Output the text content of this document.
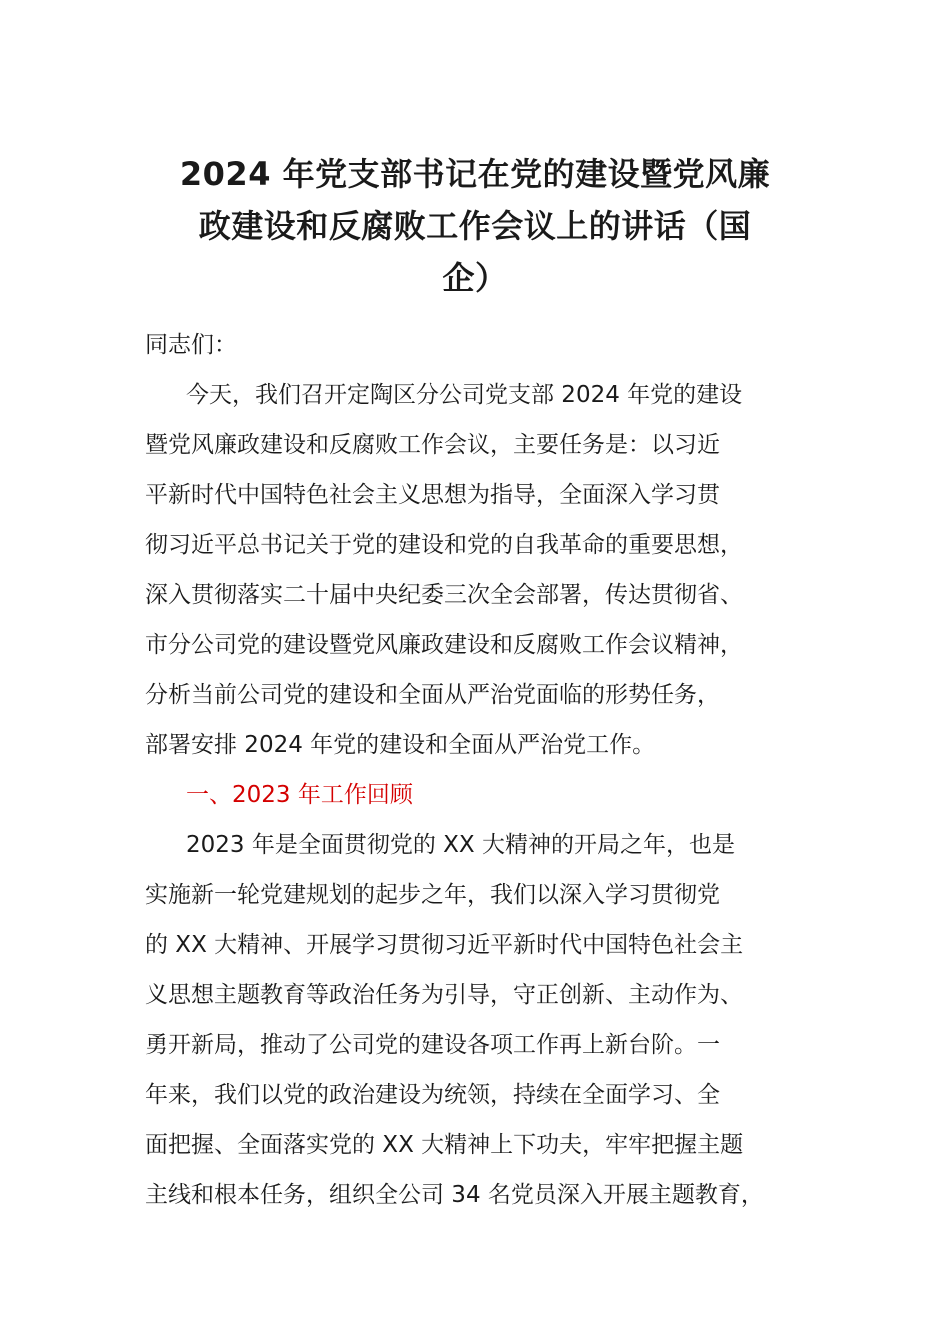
2024 年党支部书记在党的建设暨党风廉
政建设和反腐败工作会议上的讲话（国
企）
同志们：
今天，我们召开定陶区分公司党支部 2024 年党的建设
暨党风廉政建设和反腐败工作会议，主要任务是：以习近
平新时代中国特色社会主义思想为指导，全面深入学习贯
彻习近平总书记关于党的建设和党的自我革命的重要思想，
深入贯彻落实二十届中央纪委三次全会部署，传达贯彻省、
市分公司党的建设暨党风廉政建设和反腐败工作会议精神，
分析当前公司党的建设和全面从严治党面临的形势任务，
部署安排 2024 年党的建设和全面从严治党工作。
一、2023 年工作回顾
2023 年是全面贯彻党的 XX 大精神的开局之年，也是
实施新一轮党建规划的起步之年，我们以深入学习贯彻党
的 XX 大精神、开展学习贯彻习近平新时代中国特色社会主
义思想主题教育等政治任务为引导，守正创新、主动作为、
勇开新局，推动了公司党的建设各项工作再上新台阶。一
年来，我们以党的政治建设为统领，持续在全面学习、全
面把握、全面落实党的 XX 大精神上下功夫，牢牢把握主题
主线和根本任务，组织全公司 34 名党员深入开展主题教育，
